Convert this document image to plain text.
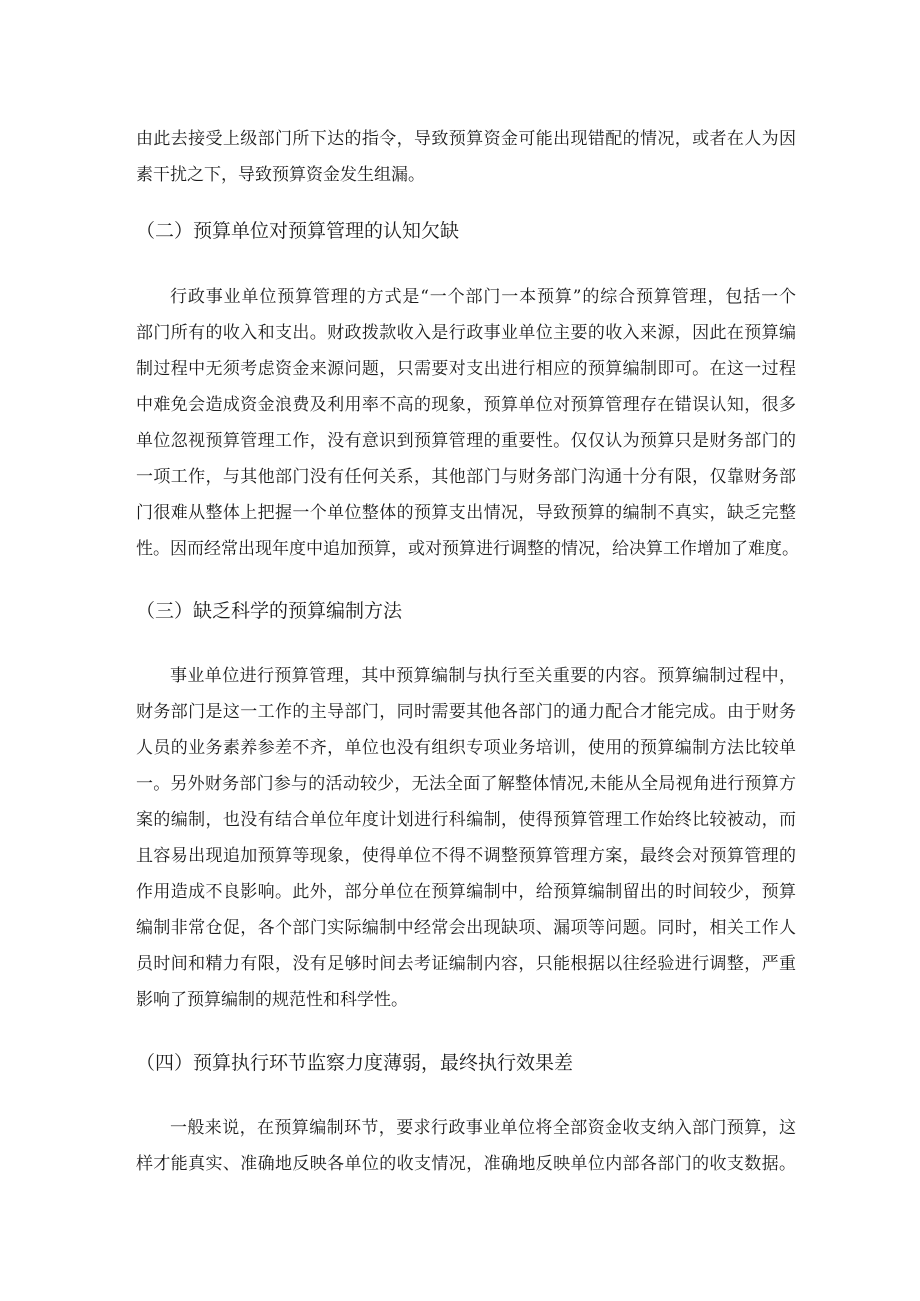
由此去接受上级部门所下达的指令，导致预算资金可能出现错配的情况，或者在人为因
素干扰之下，导致预算资金发生组漏。
（二）预算单位对预算管理的认知欠缺
行政事业单位预算管理的方式是“一个部门一本预算”的综合预算管理，包括一个
部门所有的收入和支出。财政拨款收入是行政事业单位主要的收入来源，因此在预算编
制过程中无须考虑资金来源问题，只需要对支出进行相应的预算编制即可。在这一过程
中难免会造成资金浪费及利用率不高的现象，预算单位对预算管理存在错误认知，很多
单位忽视预算管理工作，没有意识到预算管理的重要性。仅仅认为预算只是财务部门的
一项工作，与其他部门没有任何关系，其他部门与财务部门沟通十分有限，仅靠财务部
门很难从整体上把握一个单位整体的预算支出情况，导致预算的编制不真实，缺乏完整
性。因而经常出现年度中追加预算，或对预算进行调整的情况，给决算工作增加了难度。
（三）缺乏科学的预算编制方法
事业单位进行预算管理，其中预算编制与执行至关重要的内容。预算编制过程中，
财务部门是这一工作的主导部门，同时需要其他各部门的通力配合才能完成。由于财务
人员的业务素养参差不齐，单位也没有组织专项业务培训，使用的预算编制方法比较单
一。另外财务部门参与的活动较少，无法全面了解整体情况,未能从全局视角进行预算方
案的编制，也没有结合单位年度计划进行科编制，使得预算管理工作始终比较被动，而
且容易出现追加预算等现象，使得单位不得不调整预算管理方案，最终会对预算管理的
作用造成不良影响。此外，部分单位在预算编制中，给预算编制留出的时间较少，预算
编制非常仓促，各个部门实际编制中经常会出现缺项、漏项等问题。同时，相关工作人
员时间和精力有限，没有足够时间去考证编制内容，只能根据以往经验进行调整，严重
影响了预算编制的规范性和科学性。
（四）预算执行环节监察力度薄弱，最终执行效果差
一般来说，在预算编制环节，要求行政事业单位将全部资金收支纳入部门预算，这
样才能真实、准确地反映各单位的收支情况，准确地反映单位内部各部门的收支数据。
